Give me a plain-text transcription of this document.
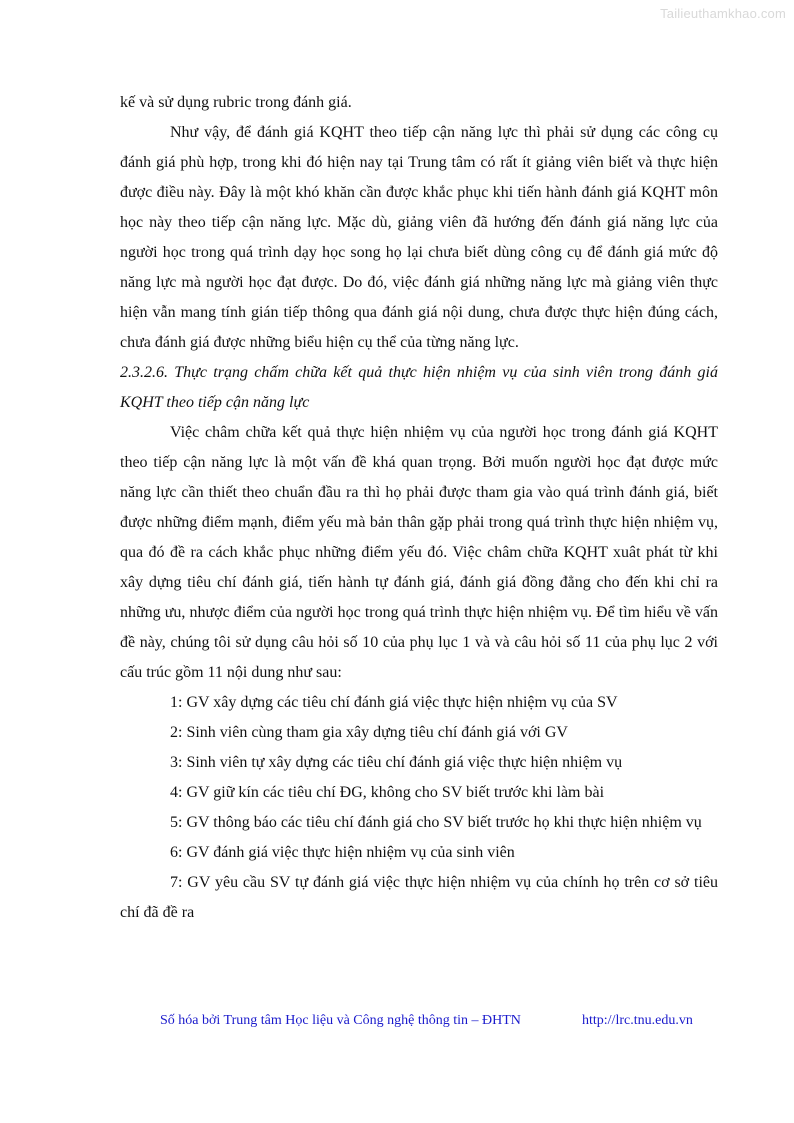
Tailieuthamkhao.com

kế và sử dụng rubric trong đánh giá.

Như vậy, để đánh giá KQHT theo tiếp cận năng lực thì phải sử dụng các công cụ đánh giá phù hợp, trong khi đó hiện nay tại Trung tâm có rất ít giảng viên biết và thực hiện được điều này. Đây là một khó khăn cần được khắc phục khi tiến hành đánh giá KQHT môn học này theo tiếp cận năng lực. Mặc dù, giảng viên đã hướng đến đánh giá năng lực của người học trong quá trình dạy học song họ lại chưa biết dùng công cụ để đánh giá mức độ năng lực mà người học đạt được. Do đó, việc đánh giá những năng lực mà giảng viên thực hiện vẫn mang tính gián tiếp thông qua đánh giá nội dung, chưa được thực hiện đúng cách, chưa đánh giá được những biểu hiện cụ thể của từng năng lực.

2.3.2.6. Thực trạng chấm chữa kết quả thực hiện nhiệm vụ của sinh viên trong đánh giá KQHT theo tiếp cận năng lực

Việc châm chữa kết quả thực hiện nhiệm vụ của người học trong đánh giá KQHT theo tiếp cận năng lực là một vấn đề khá quan trọng. Bởi muốn người học đạt được mức năng lực cần thiết theo chuẩn đầu ra thì họ phải được tham gia vào quá trình đánh giá, biết được những điểm mạnh, điểm yếu mà bản thân gặp phải trong quá trình thực hiện nhiệm vụ, qua đó đề ra cách khắc phục những điểm yếu đó. Việc châm chữa KQHT xuât phát từ khi xây dựng tiêu chí đánh giá, tiến hành tự đánh giá, đánh giá đồng đẳng cho đến khi chỉ ra những ưu, nhược điểm của người học trong quá trình thực hiện nhiệm vụ. Để tìm hiểu về vấn đề này, chúng tôi sử dụng câu hỏi số 10 của phụ lục 1 và và câu hỏi số 11 của phụ lục 2 với cấu trúc gồm 11 nội dung như sau:

1: GV xây dựng các tiêu chí đánh giá việc thực hiện nhiệm vụ của SV

2: Sinh viên cùng tham gia xây dựng tiêu chí đánh giá với GV

3: Sinh viên tự xây dựng các tiêu chí đánh giá việc thực hiện nhiệm vụ

4: GV giữ kín các tiêu chí ĐG, không cho SV biết trước khi làm bài

5: GV thông báo các tiêu chí đánh giá cho SV biết trước họ khi thực hiện nhiệm vụ

6: GV đánh giá việc thực hiện nhiệm vụ của sinh viên

7: GV yêu cầu SV tự đánh giá việc thực hiện nhiệm vụ của chính họ trên cơ sở tiêu chí đã đề ra

Số hóa bởi Trung tâm Học liệu và Công nghệ thông tin – ĐHTN	http://lrc.tnu.edu.vn
